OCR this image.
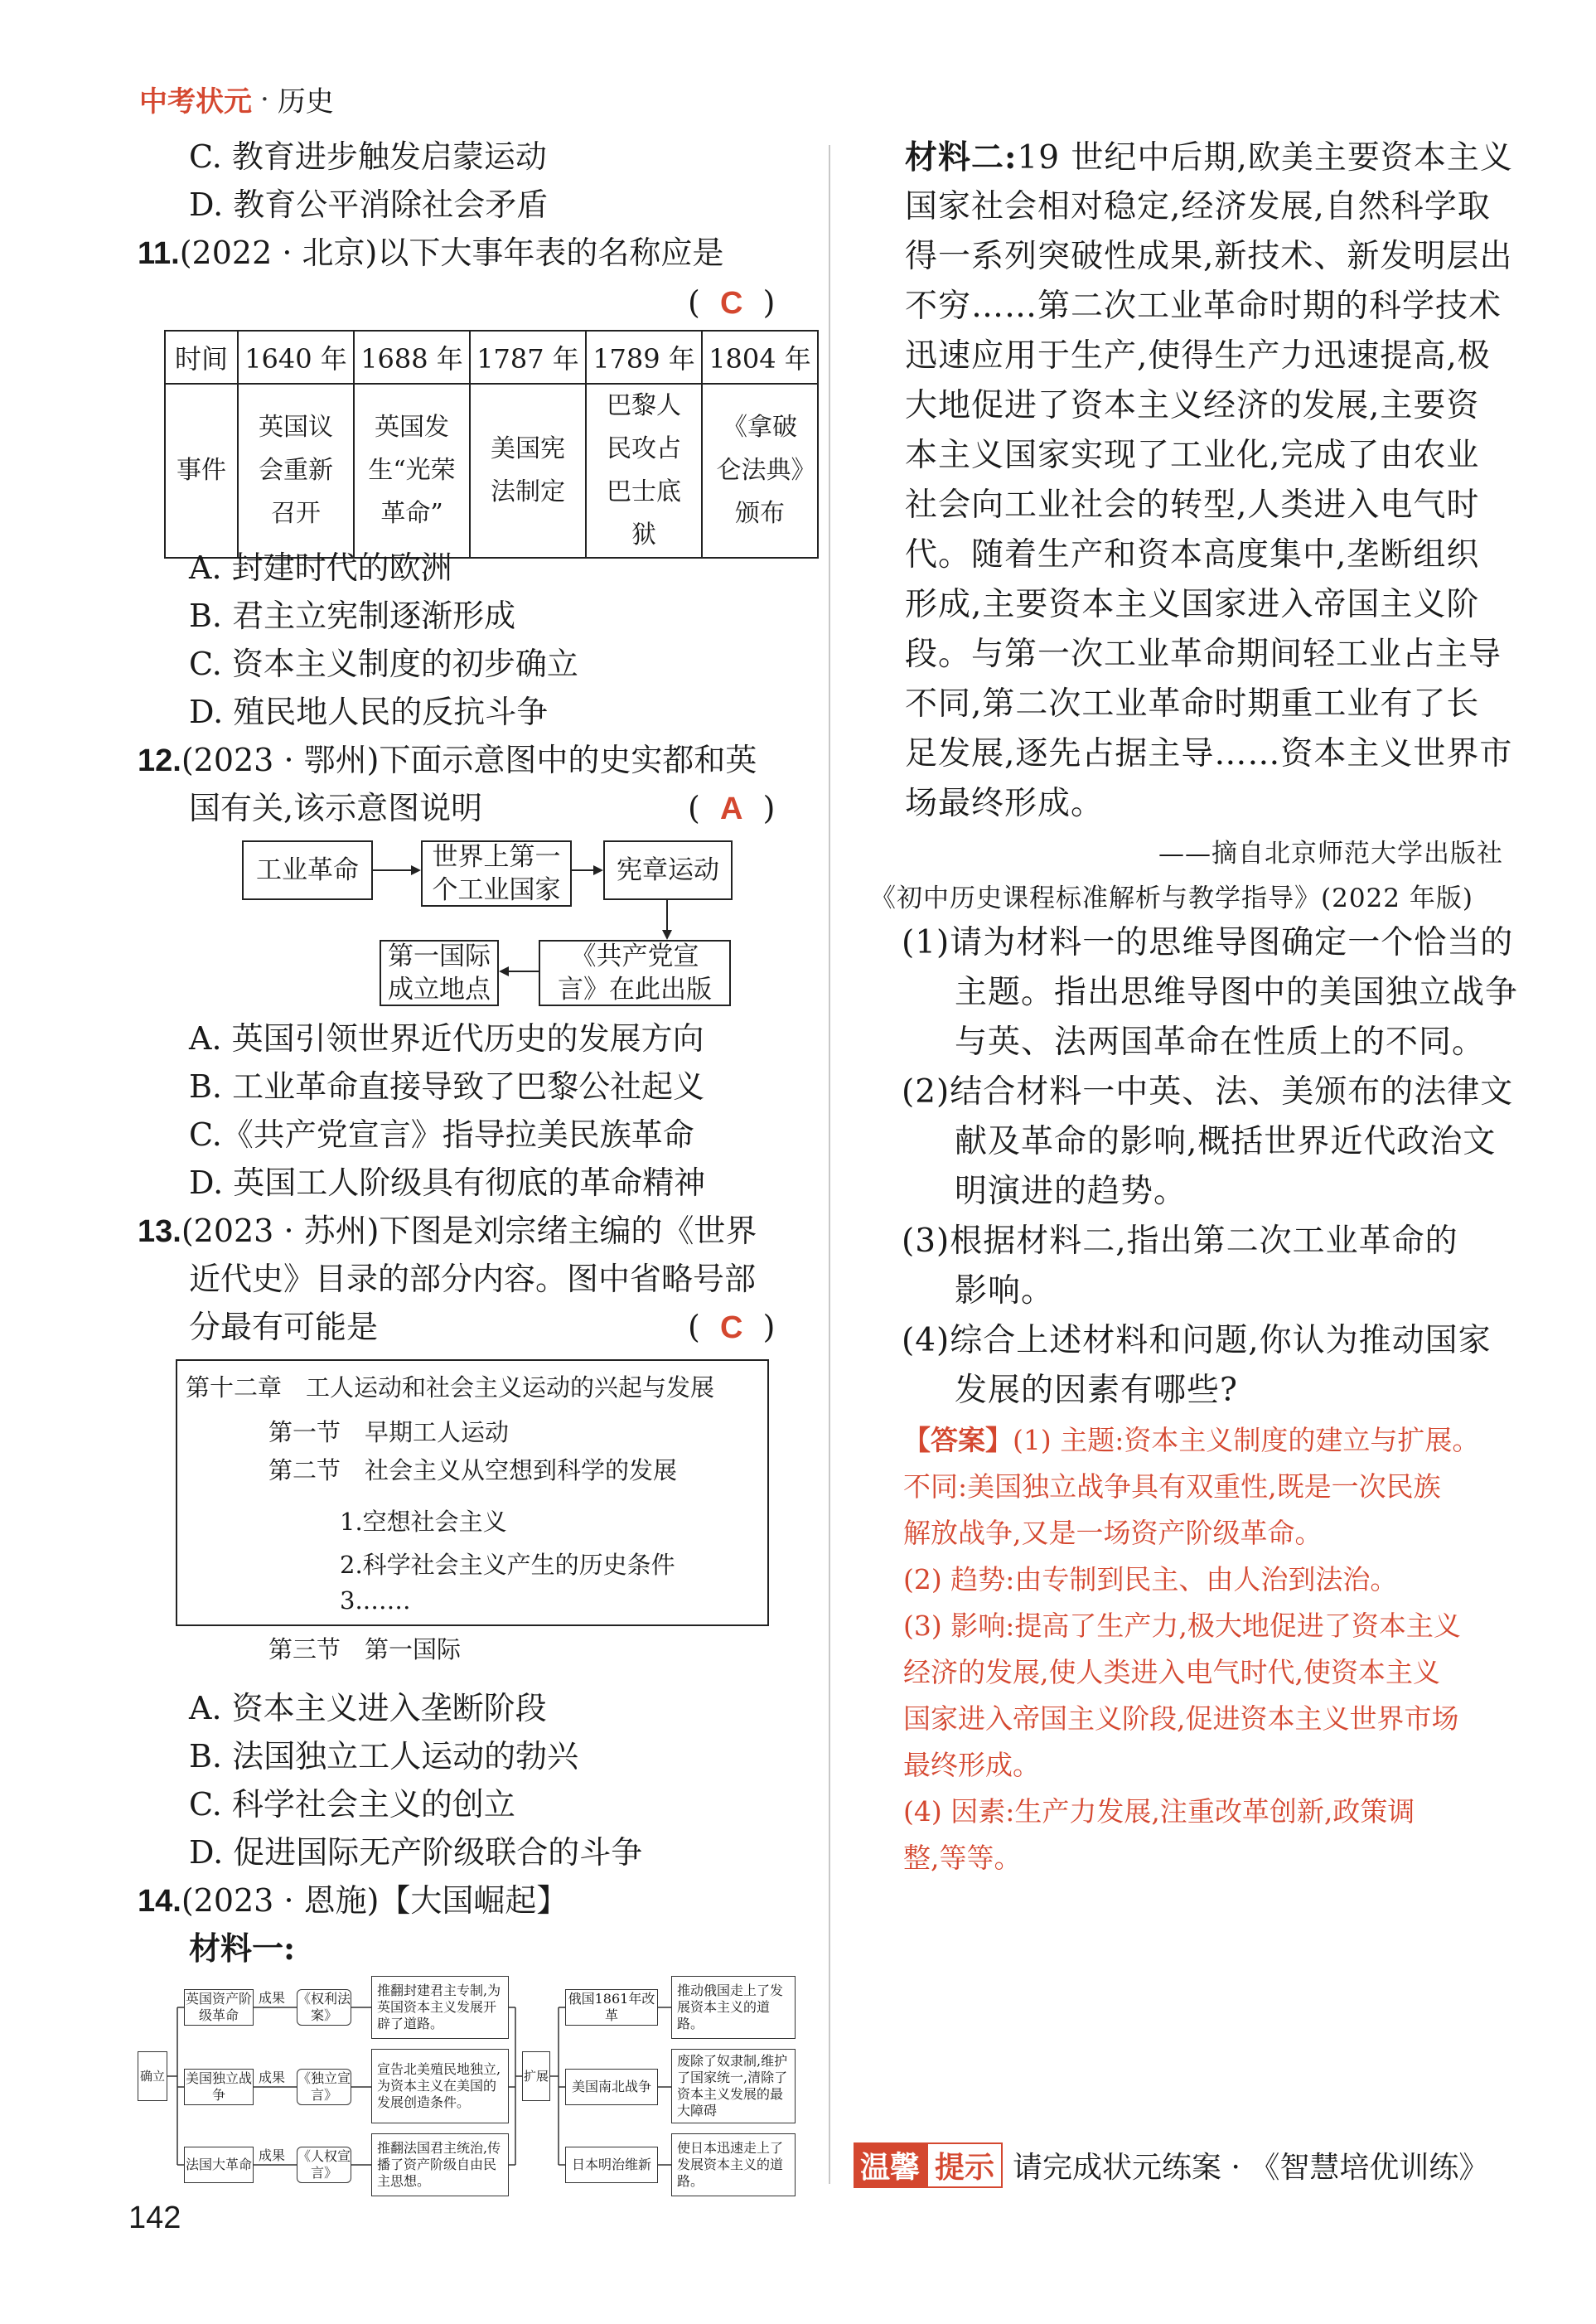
中考状元 · 历史
C. 教育进步触发启蒙运动
D. 教育公平消除社会矛盾
11.(2022 · 北京)以下大事年表的名称应是
(  C  )
时间	1640 年	1688 年	1787 年	1789 年	1804 年
事件	英国议会重新召开	英国发生“光荣革命”	美国宪法制定	巴黎人民攻占巴士底狱	《拿破仑法典》颁布
A. 封建时代的欧洲
B. 君主立宪制逐渐形成
C. 资本主义制度的初步确立
D. 殖民地人民的反抗斗争
12.(2023 · 鄂州)下面示意图中的史实都和英
国有关,该示意图说明	(  A  )
工业革命	世界上第一个工业国家
宪章运动
《共产党宣言》在此出版
第一国际成立地点
A. 英国引领世界近代历史的发展方向
B. 工业革命直接导致了巴黎公社起义
C.《共产党宣言》指导拉美民族革命
D. 英国工人阶级具有彻底的革命精神
13.(2023 · 苏州)下图是刘宗绪主编的《世界
近代史》目录的部分内容。图中省略号部
分最有可能是	(  C  )
第十二章　工人运动和社会主义运动的兴起与发展
第一节　早期工人运动
第二节　社会主义从空想到科学的发展
1.空想社会主义
2.科学社会主义产生的历史条件
3.……
第三节　第一国际
A. 资本主义进入垄断阶段
B. 法国独立工人运动的勃兴
C. 科学社会主义的创立
D. 促进国际无产阶级联合的斗争
14.(2023 · 恩施)【大国崛起】
材料一:
确立
英国资产阶级革命
美国独立战争
法国大革命
成果
成果
成果
《权利法案》
《独立宣言》
《人权宣言》
推翻封建君主专制,为英国资本主义发展开辟了道路。
宣告北美殖民地独立,为资本主义在美国的发展创造条件。
推翻法国君主统治,传播了资产阶级自由民主思想。
扩展
俄国1861年改革
美国南北战争
日本明治维新
推动俄国走上了发展资本主义的道路。
废除了奴隶制,维护了国家统一,清除了资本主义发展的最大障碍
使日本迅速走上了发展资本主义的道路。
材料二:19 世纪中后期,欧美主要资本主义
国家社会相对稳定,经济发展,自然科学取
得一系列突破性成果,新技术、新发明层出
不穷……第二次工业革命时期的科学技术
迅速应用于生产,使得生产力迅速提高,极
大地促进了资本主义经济的发展,主要资
本主义国家实现了工业化,完成了由农业
社会向工业社会的转型,人类进入电气时
代。随着生产和资本高度集中,垄断组织
形成,主要资本主义国家进入帝国主义阶
段。与第一次工业革命期间轻工业占主导
不同,第二次工业革命时期重工业有了长
足发展,逐先占据主导……资本主义世界市
场最终形成。
——摘自北京师范大学出版社
《初中历史课程标准解析与教学指导》(2022 年版)
(1)请为材料一的思维导图确定一个恰当的
主题。指出思维导图中的美国独立战争
与英、法两国革命在性质上的不同。
(2)结合材料一中英、法、美颁布的法律文
献及革命的影响,概括世界近代政治文
明演进的趋势。
(3)根据材料二,指出第二次工业革命的
影响。
(4)综合上述材料和问题,你认为推动国家
发展的因素有哪些?
【答案】(1) 主题:资本主义制度的建立与扩展。
不同:美国独立战争具有双重性,既是一次民族
解放战争,又是一场资产阶级革命。
(2) 趋势:由专制到民主、由人治到法治。
(3) 影响:提高了生产力,极大地促进了资本主义
经济的发展,使人类进入电气时代,使资本主义
国家进入帝国主义阶段,促进资本主义世界市场
最终形成。
(4) 因素:生产力发展,注重改革创新,政策调
整,等等。
温馨 提示 请完成状元练案 · 《智慧培优训练》
142
